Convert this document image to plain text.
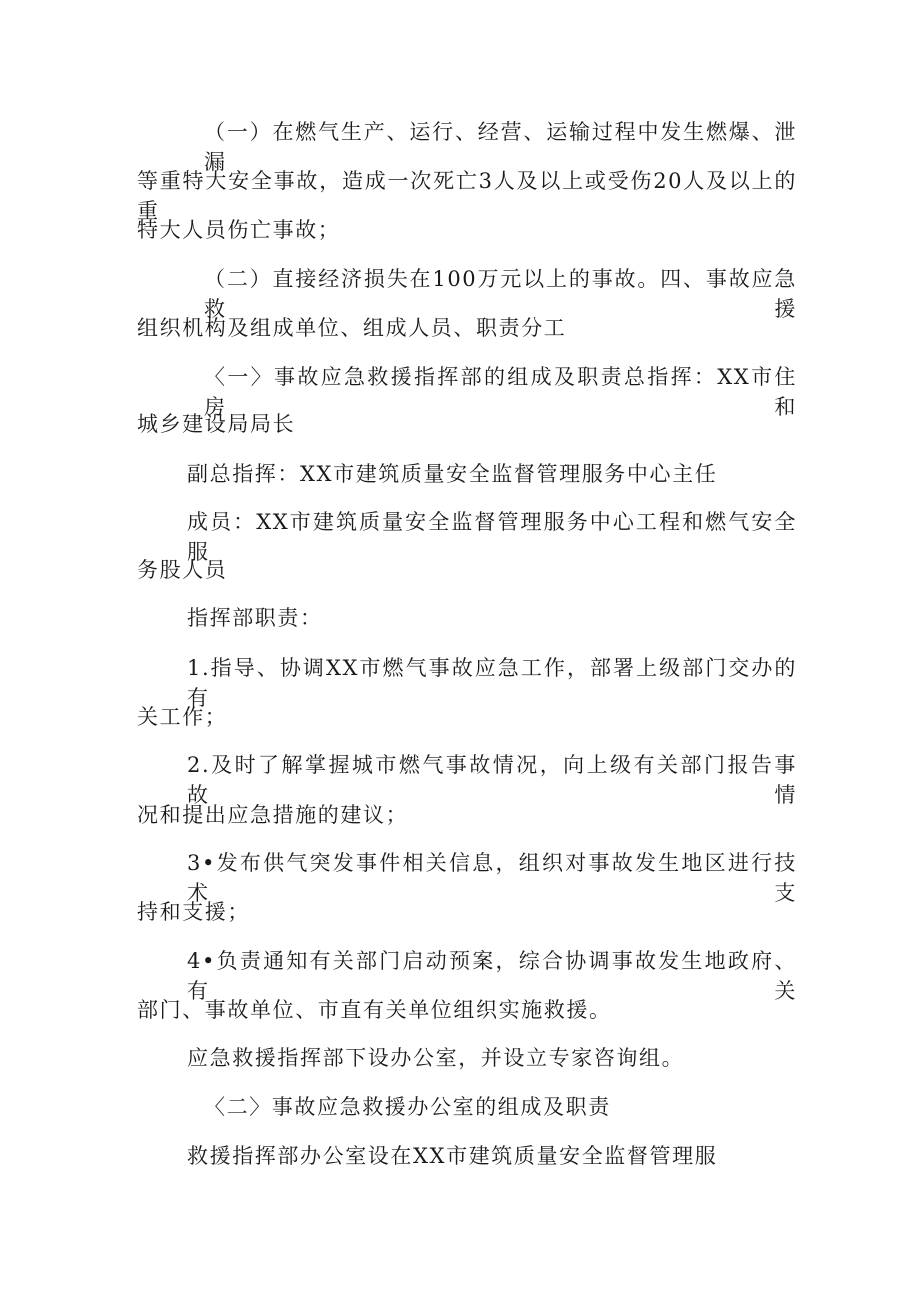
（一）在燃气生产、运行、经营、运输过程中发生燃爆、泄漏
等重特大安全事故，造成一次死亡3人及以上或受伤20人及以上的重
特大人员伤亡事故；
（二）直接经济损失在100万元以上的事故。四、事故应急救援
组织机构及组成单位、组成人员、职责分工
〈一〉事故应急救援指挥部的组成及职责总指挥：XX市住房和
城乡建设局局长
副总指挥：XX市建筑质量安全监督管理服务中心主任
成员：XX市建筑质量安全监督管理服务中心工程和燃气安全服
务股人员
指挥部职责：
1.指导、协调XX市燃气事故应急工作，部署上级部门交办的有
关工作；
2.及时了解掌握城市燃气事故情况，向上级有关部门报告事故情
况和提出应急措施的建议；
3•发布供气突发事件相关信息，组织对事故发生地区进行技术支
持和支援；
4•负责通知有关部门启动预案，综合协调事故发生地政府、有关
部门、事故单位、市直有关单位组织实施救援。
应急救援指挥部下设办公室，并设立专家咨询组。
〈二〉事故应急救援办公室的组成及职责
救援指挥部办公室设在XX市建筑质量安全监督管理服
